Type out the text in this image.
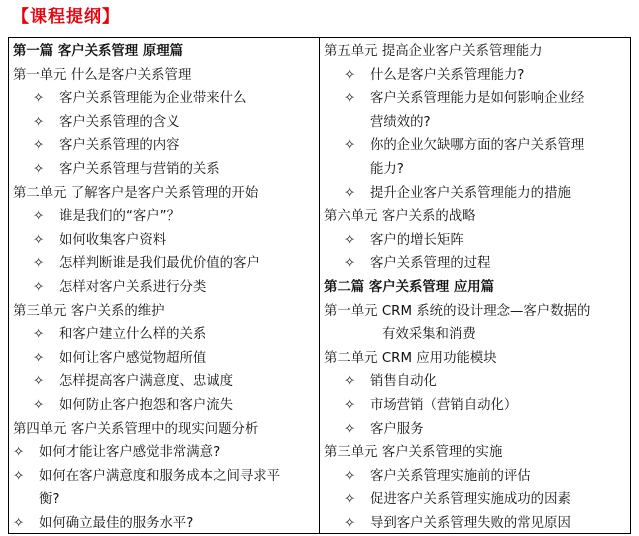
【课程提纲】
第一篇 客户关系管理 原理篇
第一单元 什么是客户关系管理
✧ 客户关系管理能为企业带来什么
✧ 客户关系管理的含义
✧ 客户关系管理的内容
✧ 客户关系管理与营销的关系
第二单元 了解客户是客户关系管理的开始
✧ 谁是我们的“客户”？
✧ 如何收集客户资料
✧ 怎样判断谁是我们最优价值的客户
✧ 怎样对客户关系进行分类
第三单元 客户关系的维护
✧ 和客户建立什么样的关系
✧ 如何让客户感觉物超所值
✧ 怎样提高客户满意度、忠诚度
✧ 如何防止客户抱怨和客户流失
第四单元 客户关系管理中的现实问题分析
✧ 如何才能让客户感觉非常满意?
✧ 如何在客户满意度和服务成本之间寻求平
衡?
✧ 如何确立最佳的服务水平?

第五单元 提高企业客户关系管理能力
✧ 什么是客户关系管理能力?
✧ 客户关系管理能力是如何影响企业经
营绩效的?
✧ 你的企业欠缺哪方面的客户关系管理
能力?
✧ 提升企业客户关系管理能力的措施
第六单元 客户关系的战略
✧ 客户的增长矩阵
✧ 客户关系管理的过程
第二篇 客户关系管理 应用篇
第一单元 CRM 系统的设计理念—客户数据的
有效采集和消费
第二单元 CRM 应用功能模块
✧ 销售自动化
✧ 市场营销（营销自动化）
✧ 客户服务
第三单元 客户关系管理的实施
✧ 客户关系管理实施前的评估
✧ 促进客户关系管理实施成功的因素
✧ 导到客户关系管理失败的常见原因
